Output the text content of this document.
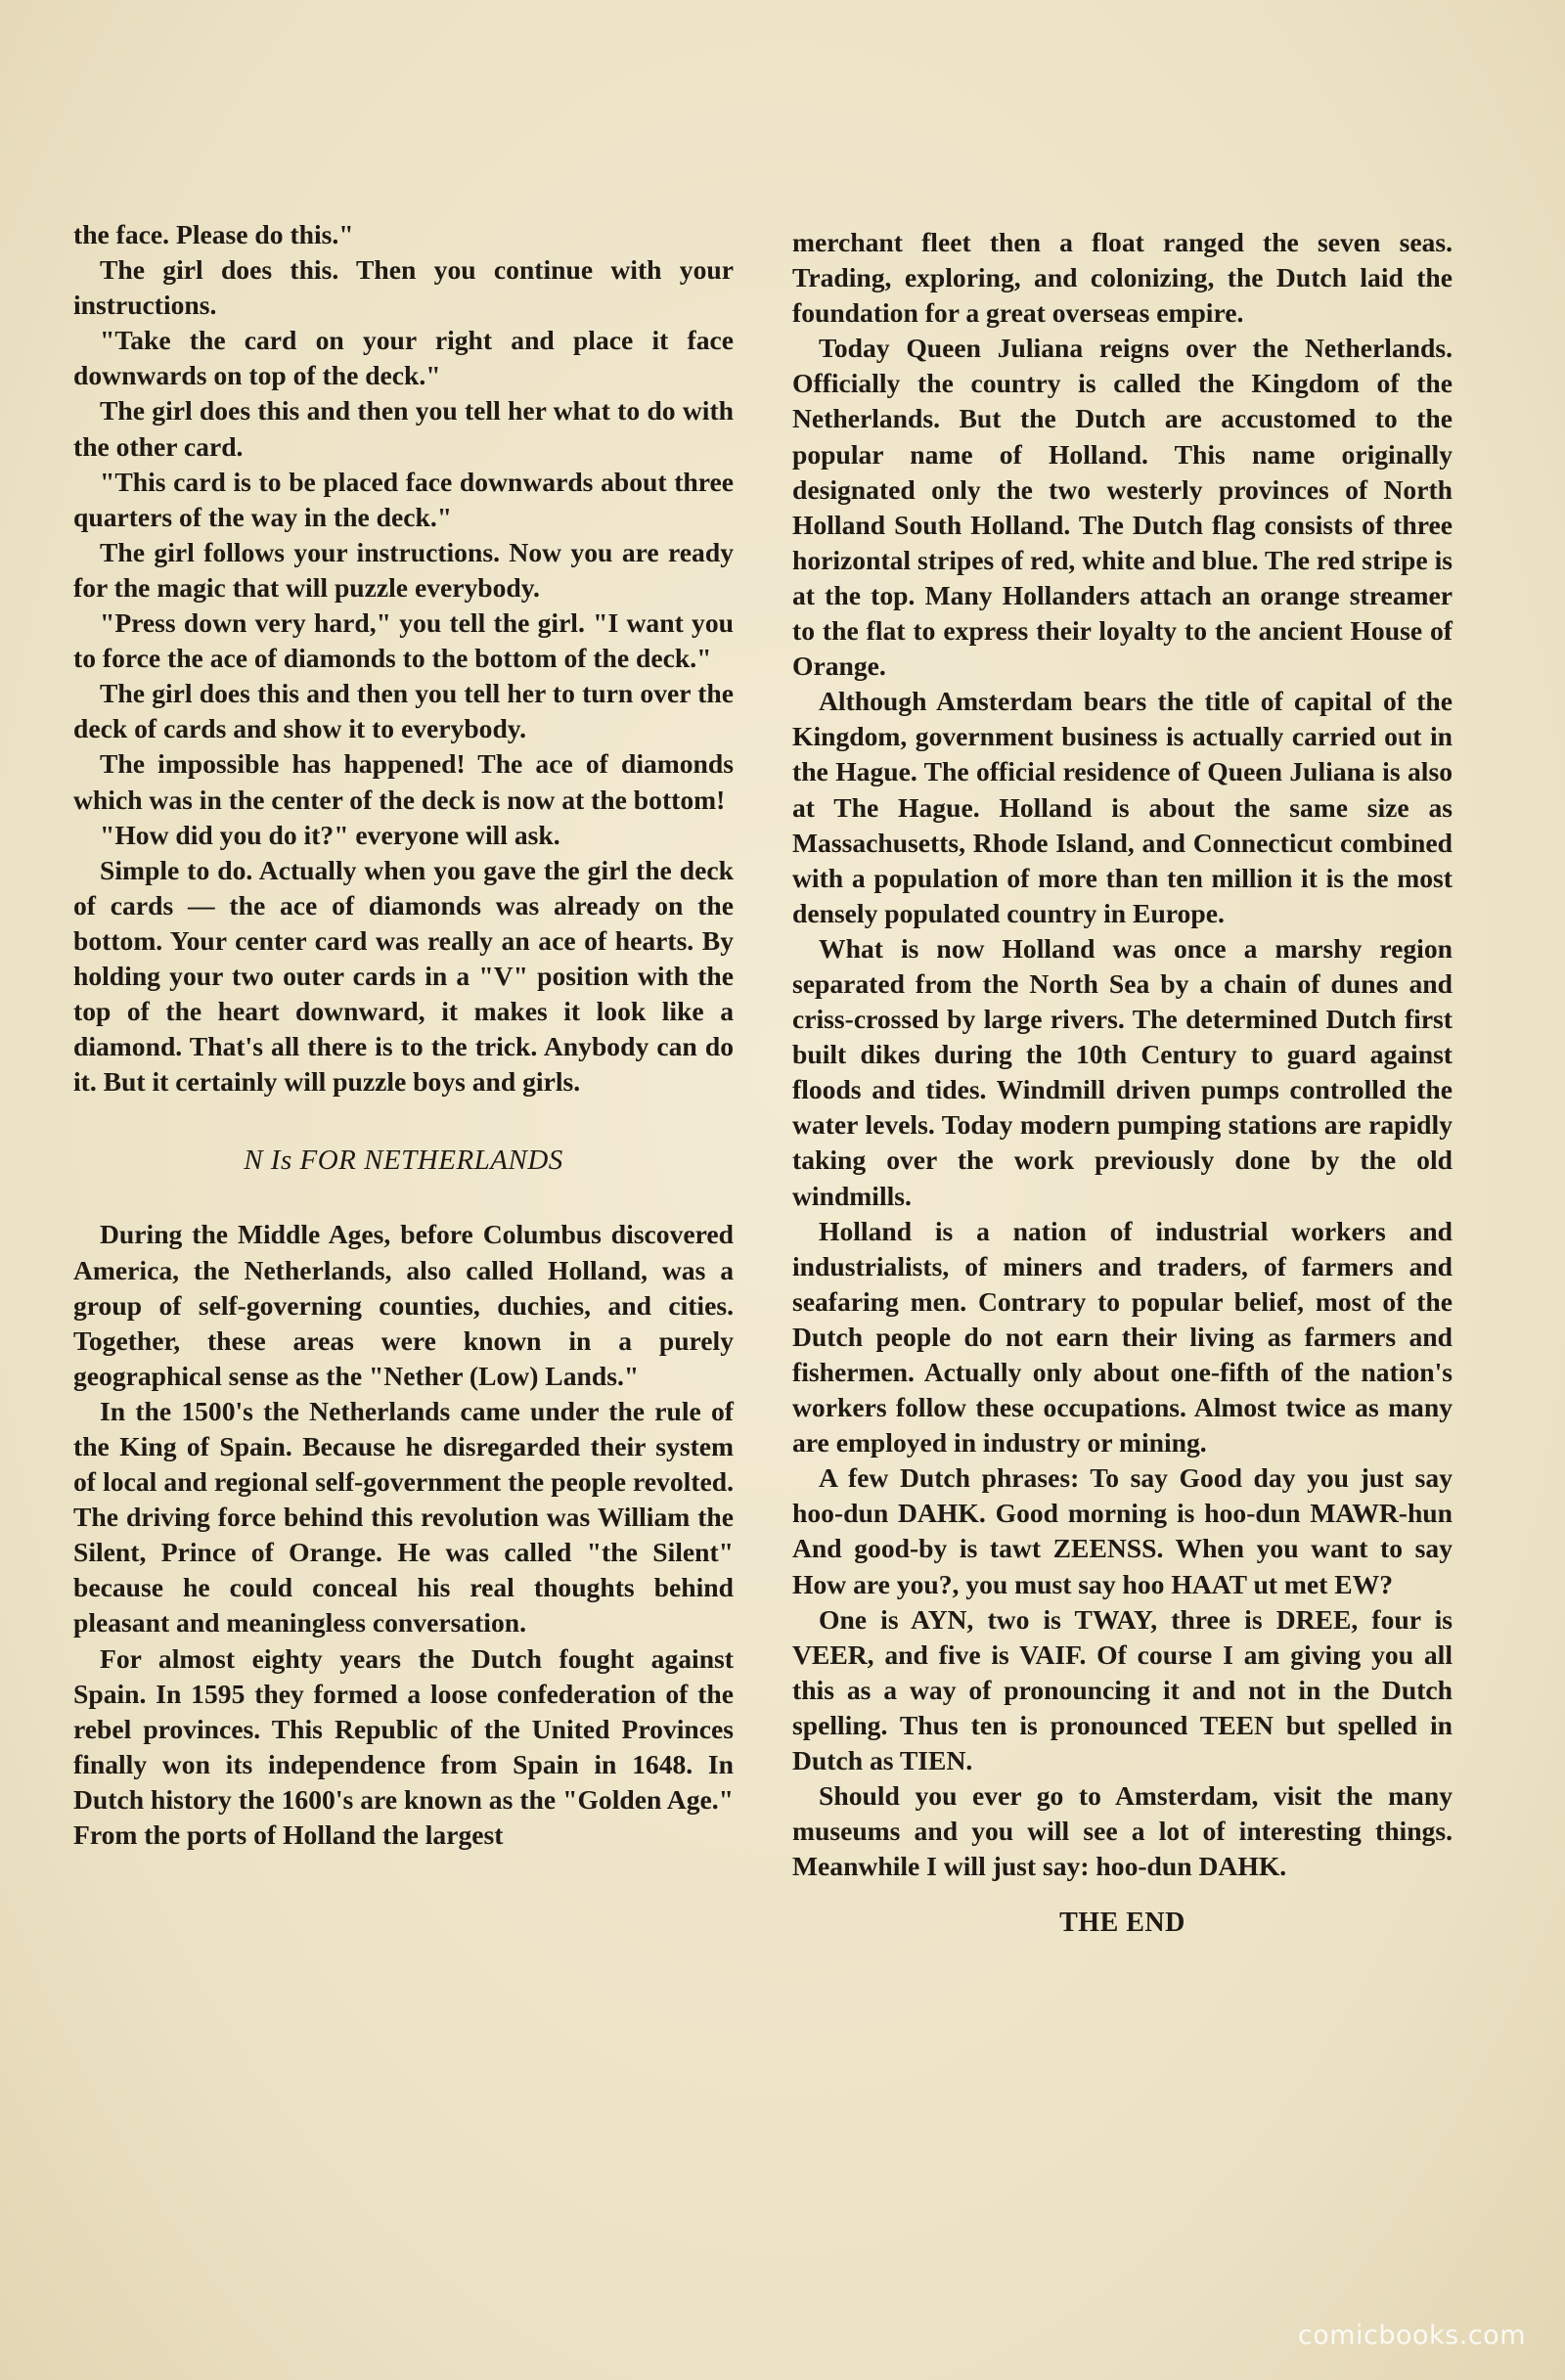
the face. Please do this."

The girl does this. Then you continue with your instructions.

"Take the card on your right and place it face downwards on top of the deck."

The girl does this and then you tell her what to do with the other card.

"This card is to be placed face downwards about three quarters of the way in the deck."

The girl follows your instructions. Now you are ready for the magic that will puzzle everybody.

"Press down very hard," you tell the girl. "I want you to force the ace of diamonds to the bottom of the deck."

The girl does this and then you tell her to turn over the deck of cards and show it to everybody.

The impossible has happened! The ace of diamonds which was in the center of the deck is now at the bottom!

"How did you do it?" everyone will ask.

Simple to do. Actually when you gave the girl the deck of cards — the ace of diamonds was already on the bottom. Your center card was really an ace of hearts. By holding your two outer cards in a "V" position with the top of the heart downward, it makes it look like a diamond. That's all there is to the trick. Anybody can do it. But it certainly will puzzle boys and girls.

N Is FOR NETHERLANDS

During the Middle Ages, before Columbus discovered America, the Netherlands, also called Holland, was a group of self-governing counties, duchies, and cities. Together, these areas were known in a purely geographical sense as the "Nether (Low) Lands."

In the 1500's the Netherlands came under the rule of the King of Spain. Because he disregarded their system of local and regional self-government the people revolted. The driving force behind this revolution was William the Silent, Prince of Orange. He was called "the Silent" because he could conceal his real thoughts behind pleasant and meaningless conversation.

For almost eighty years the Dutch fought against Spain. In 1595 they formed a loose confederation of the rebel provinces. This Republic of the United Provinces finally won its independence from Spain in 1648. In Dutch history the 1600's are known as the "Golden Age." From the ports of Holland the largest

merchant fleet then a float ranged the seven seas. Trading, exploring, and colonizing, the Dutch laid the foundation for a great overseas empire.

Today Queen Juliana reigns over the Netherlands. Officially the country is called the Kingdom of the Netherlands. But the Dutch are accustomed to the popular name of Holland. This name originally designated only the two westerly provinces of North Holland South Holland. The Dutch flag consists of three horizontal stripes of red, white and blue. The red stripe is at the top. Many Hollanders attach an orange streamer to the flat to express their loyalty to the ancient House of Orange.

Although Amsterdam bears the title of capital of the Kingdom, government business is actually carried out in the Hague. The official residence of Queen Juliana is also at The Hague. Holland is about the same size as Massachusetts, Rhode Island, and Connecticut combined with a population of more than ten million it is the most densely populated country in Europe.

What is now Holland was once a marshy region separated from the North Sea by a chain of dunes and criss-crossed by large rivers. The determined Dutch first built dikes during the 10th Century to guard against floods and tides. Windmill driven pumps controlled the water levels. Today modern pumping stations are rapidly taking over the work previously done by the old windmills.

Holland is a nation of industrial workers and industrialists, of miners and traders, of farmers and seafaring men. Contrary to popular belief, most of the Dutch people do not earn their living as farmers and fishermen. Actually only about one-fifth of the nation's workers follow these occupations. Almost twice as many are employed in industry or mining.

A few Dutch phrases: To say Good day you just say hoo-dun DAHK. Good morning is hoo-dun MAWR-hun And good-by is tawt ZEENSS. When you want to say How are you?, you must say hoo HAAT ut met EW?

One is AYN, two is TWAY, three is DREE, four is VEER, and five is VAIF. Of course I am giving you all this as a way of pronouncing it and not in the Dutch spelling. Thus ten is pronounced TEEN but spelled in Dutch as TIEN.

Should you ever go to Amsterdam, visit the many museums and you will see a lot of interesting things. Meanwhile I will just say: hoo-dun DAHK.

THE END
comicbooks.com
